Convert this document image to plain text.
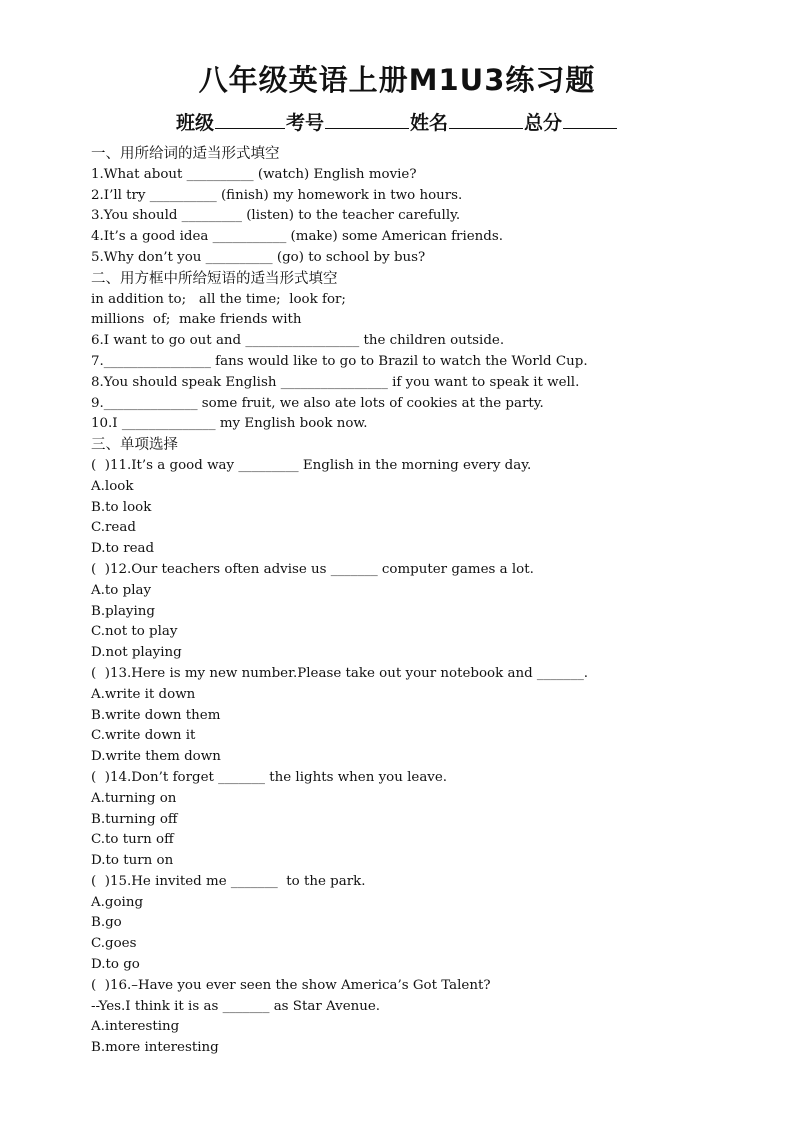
八年级英语上册M1U3练习题
班级	考号	姓名	总分
一、用所给词的适当形式填空
1.What about __________ (watch) English movie?
2.I’ll try __________ (finish) my homework in two hours.
3.You should _________ (listen) to the teacher carefully.
4.It’s a good idea ___________ (make) some American friends.
5.Why don’t you __________ (go) to school by bus?
二、用方框中所给短语的适当形式填空
in addition to;   all the time;  look for;
millions  of;  make friends with
6.I want to go out and _________________ the children outside.
7.________________ fans would like to go to Brazil to watch the World Cup.
8.You should speak English ________________ if you want to speak it well.
9.______________ some fruit, we also ate lots of cookies at the party.
10.I ______________ my English book now.
三、单项选择
(  )11.It’s a good way _________ English in the morning every day.
A.look
B.to look
C.read
D.to read
(  )12.Our teachers often advise us _______ computer games a lot.
A.to play
B.playing
C.not to play
D.not playing
(  )13.Here is my new number.Please take out your notebook and _______.
A.write it down
B.write down them
C.write down it
D.write them down
(  )14.Don’t forget _______ the lights when you leave.
A.turning on
B.turning off
C.to turn off
D.to turn on
(  )15.He invited me _______  to the park.
A.going
B.go
C.goes
D.to go
(  )16.–Have you ever seen the show America’s Got Talent?
--Yes.I think it is as _______ as Star Avenue.
A.interesting
B.more interesting
